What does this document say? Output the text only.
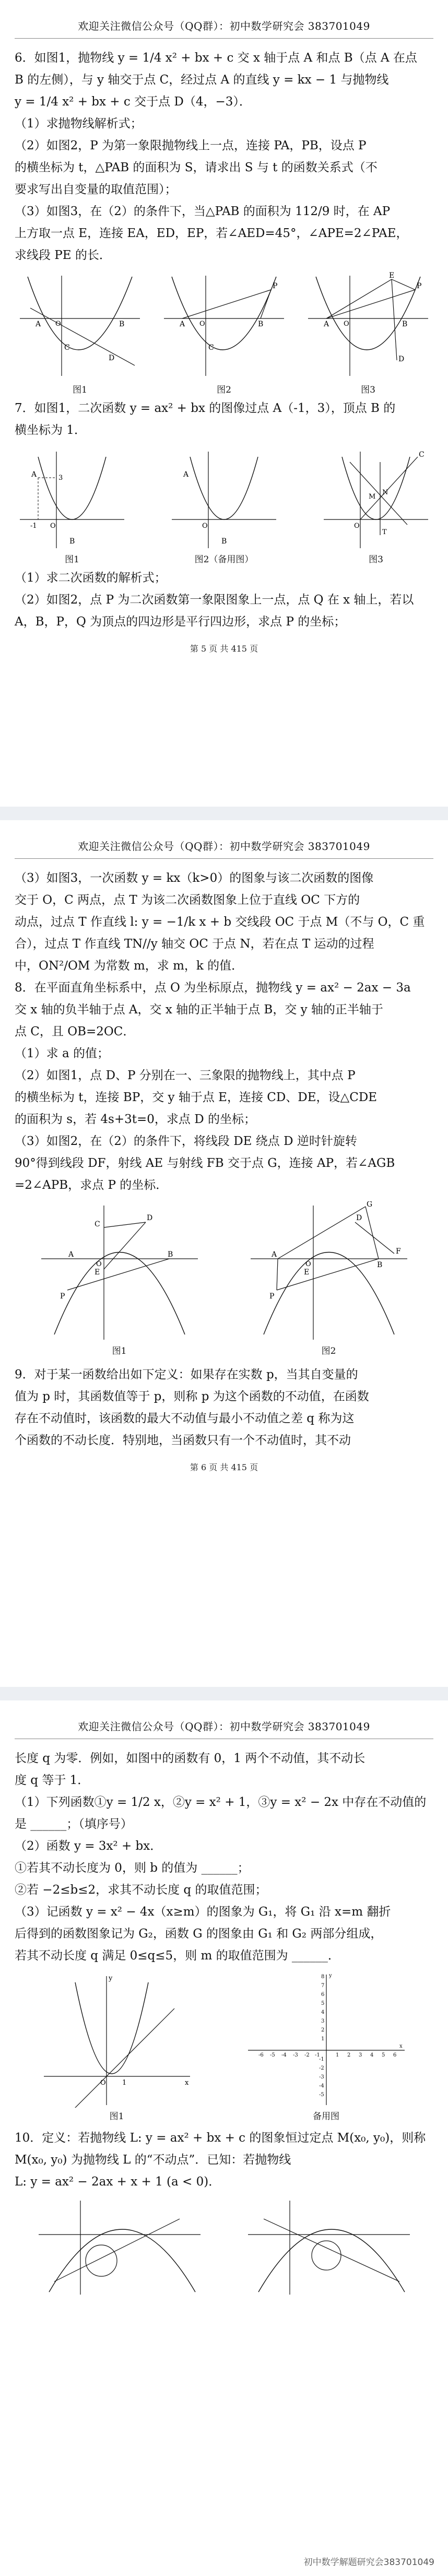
欢迎关注微信公众号（QQ群）：初中数学研究会 383701049

6．如图1，抛物线 y = 1/4 x² + bx + c 交 x 轴于点 A 和点 B（点 A 在点

B 的左侧），与 y 轴交于点 C，经过点 A 的直线 y = kx − 1 与抛物线

y = 1/4 x² + bx + c 交于点 D（4，−3）．

（1）求抛物线解析式；

（2）如图2，P 为第一象限抛物线上一点，连接 PA，PB，设点 P

的横坐标为 t，△PAB 的面积为 S，请求出 S 与 t 的函数关系式（不

要求写出自变量的取值范围）；

（3）如图3，在（2）的条件下，当△PAB 的面积为 112/9 时，在 AP

上方取一点 E，连接 EA，ED，EP，若∠AED=45°，∠APE=2∠PAE，

求线段 PE 的长．

A	B
C
D
O
图1
P
A	B
C
O
图2
E
P
A	B
D
O
图3

7．如图1，二次函数 y = ax² + bx 的图像过点 A（-1，3），顶点 B 的

横坐标为 1．

A	3
-1 O
B
图1
A
O
B
图2（备用图）
C
M
N
T
O
图3

（1）求二次函数的解析式；

（2）如图2，点 P 为二次函数第一象限图象上一点，点 Q 在 x 轴上，若以

A，B，P，Q 为顶点的四边形是平行四边形，求点 P 的坐标；

第 5 页 共 415 页
欢迎关注微信公众号（QQ群）：初中数学研究会 383701049

（3）如图3，一次函数 y = kx（k>0）的图象与该二次函数的图像

交于 O，C 两点，点 T 为该二次函数图象上位于直线 OC 下方的

动点，过点 T 作直线 l: y = −1/k x + b 交线段 OC 于点 M（不与 O，C 重

合），过点 T 作直线 TN//y 轴交 OC 于点 N，若在点 T 运动的过程

中，ON²/OM 为常数 m，求 m，k 的值．

8．在平面直角坐标系中，点 O 为坐标原点，抛物线 y = ax² − 2ax − 3a

交 x 轴的负半轴于点 A，交 x 轴的正半轴于点 B，交 y 轴的正半轴于

点 C，且 OB=2OC．

（1）求 a 的值；

（2）如图1，点 D、P 分别在一、三象限的抛物线上，其中点 P

的横坐标为 t，连接 BP，交 y 轴于点 E，连接 CD、DE，设△CDE

的面积为 s，若 4s+3t=0，求点 D 的坐标；

（3）如图2，在（2）的条件下，将线段 DE 绕点 D 逆时针旋转

90°得到线段 DF，射线 AE 与射线 FB 交于点 G，连接 AP，若∠AGB

=2∠APB，求点 P 的坐标．

D
C
E
A	B
P
O
图1
G
D
F
E
A
B
P
O
图2

9．对于某一函数给出如下定义：如果存在实数 p，当其自变量的

值为 p 时，其函数值等于 p，则称 p 为这个函数的不动值，在函数

存在不动值时，该函数的最大不动值与最小不动值之差 q 称为这

个函数的不动长度．特别地，当函数只有一个不动值时，其不动

第 6 页 共 415 页
欢迎关注微信公众号（QQ群）：初中数学研究会 383701049

长度 q 为零．例如，如图中的函数有 0，1 两个不动值，其不动长

度 q 等于 1．

（1）下列函数①y = 1/2 x，②y = x² + 1，③y = x² − 2x 中存在不动值的

是 ______；（填序号）

（2）函数 y = 3x² + bx．

①若其不动长度为 0，则 b 的值为 ______；

②若 −2≤b≤2，求其不动长度 q 的取值范围；

（3）记函数 y = x² − 4x（x≥m）的图象为 G₁，将 G₁ 沿 x=m 翻折

后得到的函数图象记为 G₂，函数 G 的图象由 G₁ 和 G₂ 两部分组成，

若其不动长度 q 满足 0≤q≤5，则 m 的取值范围为 ______．

O 1	x
y
图1
8
7
6
5
4
3
2
1
-1
-2
-3
-4
-5
-6 -5 -4 -3 -2 -1	1 2 3 4 5 6
x
y
备用图

10．定义：若抛物线 L: y = ax² + bx + c 的图象恒过定点 M(x₀, y₀)，则称

M(x₀, y₀) 为抛物线 L 的“不动点”．已知：若抛物线

L: y = ax² − 2ax + x + 1 (a < 0)．

初中数学解题研究会383701049
